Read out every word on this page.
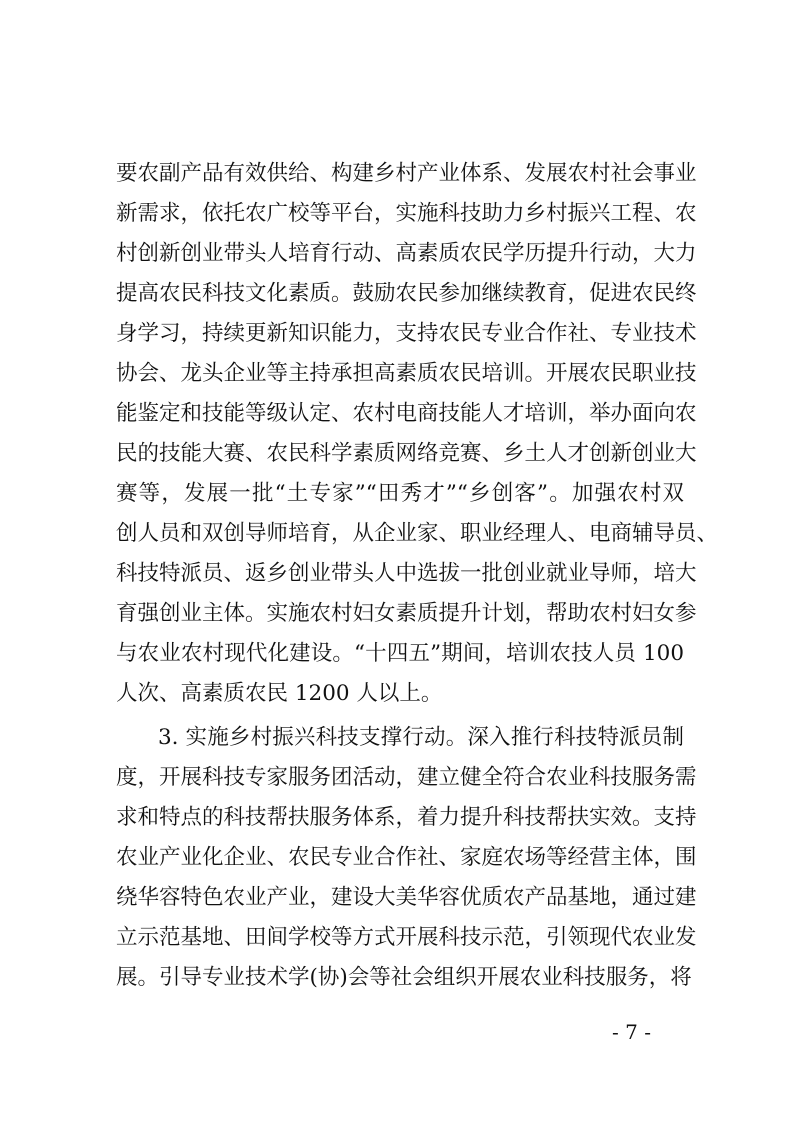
要农副产品有效供给、构建乡村产业体系、发展农村社会事业
新需求，依托农广校等平台，实施科技助力乡村振兴工程、农
村创新创业带头人培育行动、高素质农民学历提升行动，大力
提高农民科技文化素质。鼓励农民参加继续教育，促进农民终
身学习，持续更新知识能力，支持农民专业合作社、专业技术
协会、龙头企业等主持承担高素质农民培训。开展农民职业技
能鉴定和技能等级认定、农村电商技能人才培训，举办面向农
民的技能大赛、农民科学素质网络竞赛、乡土人才创新创业大
赛等，发展一批“土专家”“田秀才”“乡创客”。加强农村双
创人员和双创导师培育，从企业家、职业经理人、电商辅导员、
科技特派员、返乡创业带头人中选拔一批创业就业导师，培大
育强创业主体。实施农村妇女素质提升计划，帮助农村妇女参
与农业农村现代化建设。“十四五”期间，培训农技人员 100
人次、高素质农民 1200 人以上。
3. 实施乡村振兴科技支撑行动。深入推行科技特派员制
度，开展科技专家服务团活动，建立健全符合农业科技服务需
求和特点的科技帮扶服务体系，着力提升科技帮扶实效。支持
农业产业化企业、农民专业合作社、家庭农场等经营主体，围
绕华容特色农业产业，建设大美华容优质农产品基地，通过建
立示范基地、田间学校等方式开展科技示范，引领现代农业发
展。引导专业技术学(协)会等社会组织开展农业科技服务，将
- 7 -
